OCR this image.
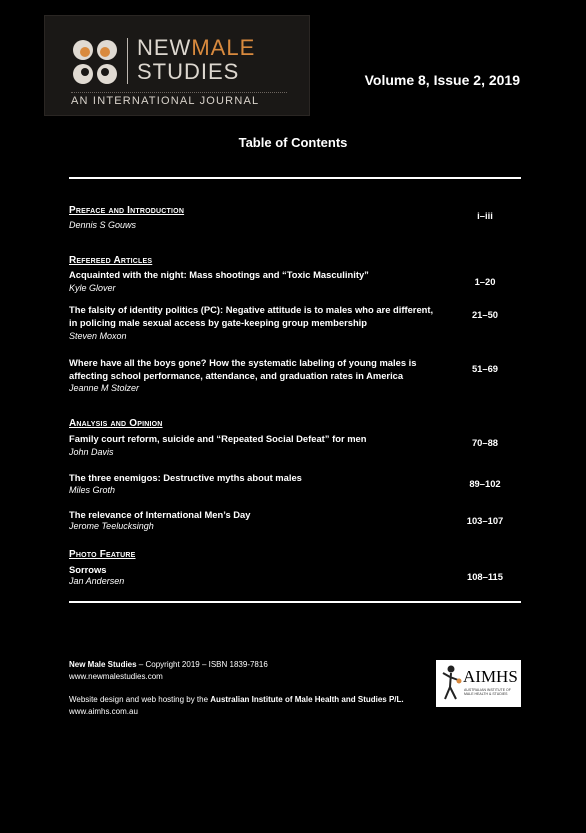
NEWMALE
STUDIES
AN INTERNATIONAL JOURNAL
Volume 8, Issue 2, 2019
Table of Contents
Preface and Introduction
Dennis S Gouws
i–iii
Refereed Articles
Acquainted with the night: Mass shootings and “Toxic Masculinity”
Kyle Glover
1–20
The falsity of identity politics (PC): Negative attitude is to males who are different, in policing male sexual access by gate-keeping group membership
Steven Moxon
21–50
Where have all the boys gone? How the systematic labeling of young males is affecting school performance, attendance, and graduation rates in America
Jeanne M Stolzer
51–69
Analysis and Opinion
Family court reform, suicide and “Repeated Social Defeat” for men
John Davis
70–88
The three enemigos: Destructive myths about males
Miles Groth
89–102
The relevance of International Men’s Day
Jerome Teelucksingh	103–107
Photo Feature
Sorrows
Jan Andersen	108–115
New Male Studies – Copyright 2019 – ISBN 1839-7816
www.newmalestudies.com
Website design and web hosting by the Australian Institute of Male Health and Studies P/L.
www.aimhs.com.au
AIMHS
AUSTRALIAN INSTITUTE OF MALE HEALTH & STUDIES
